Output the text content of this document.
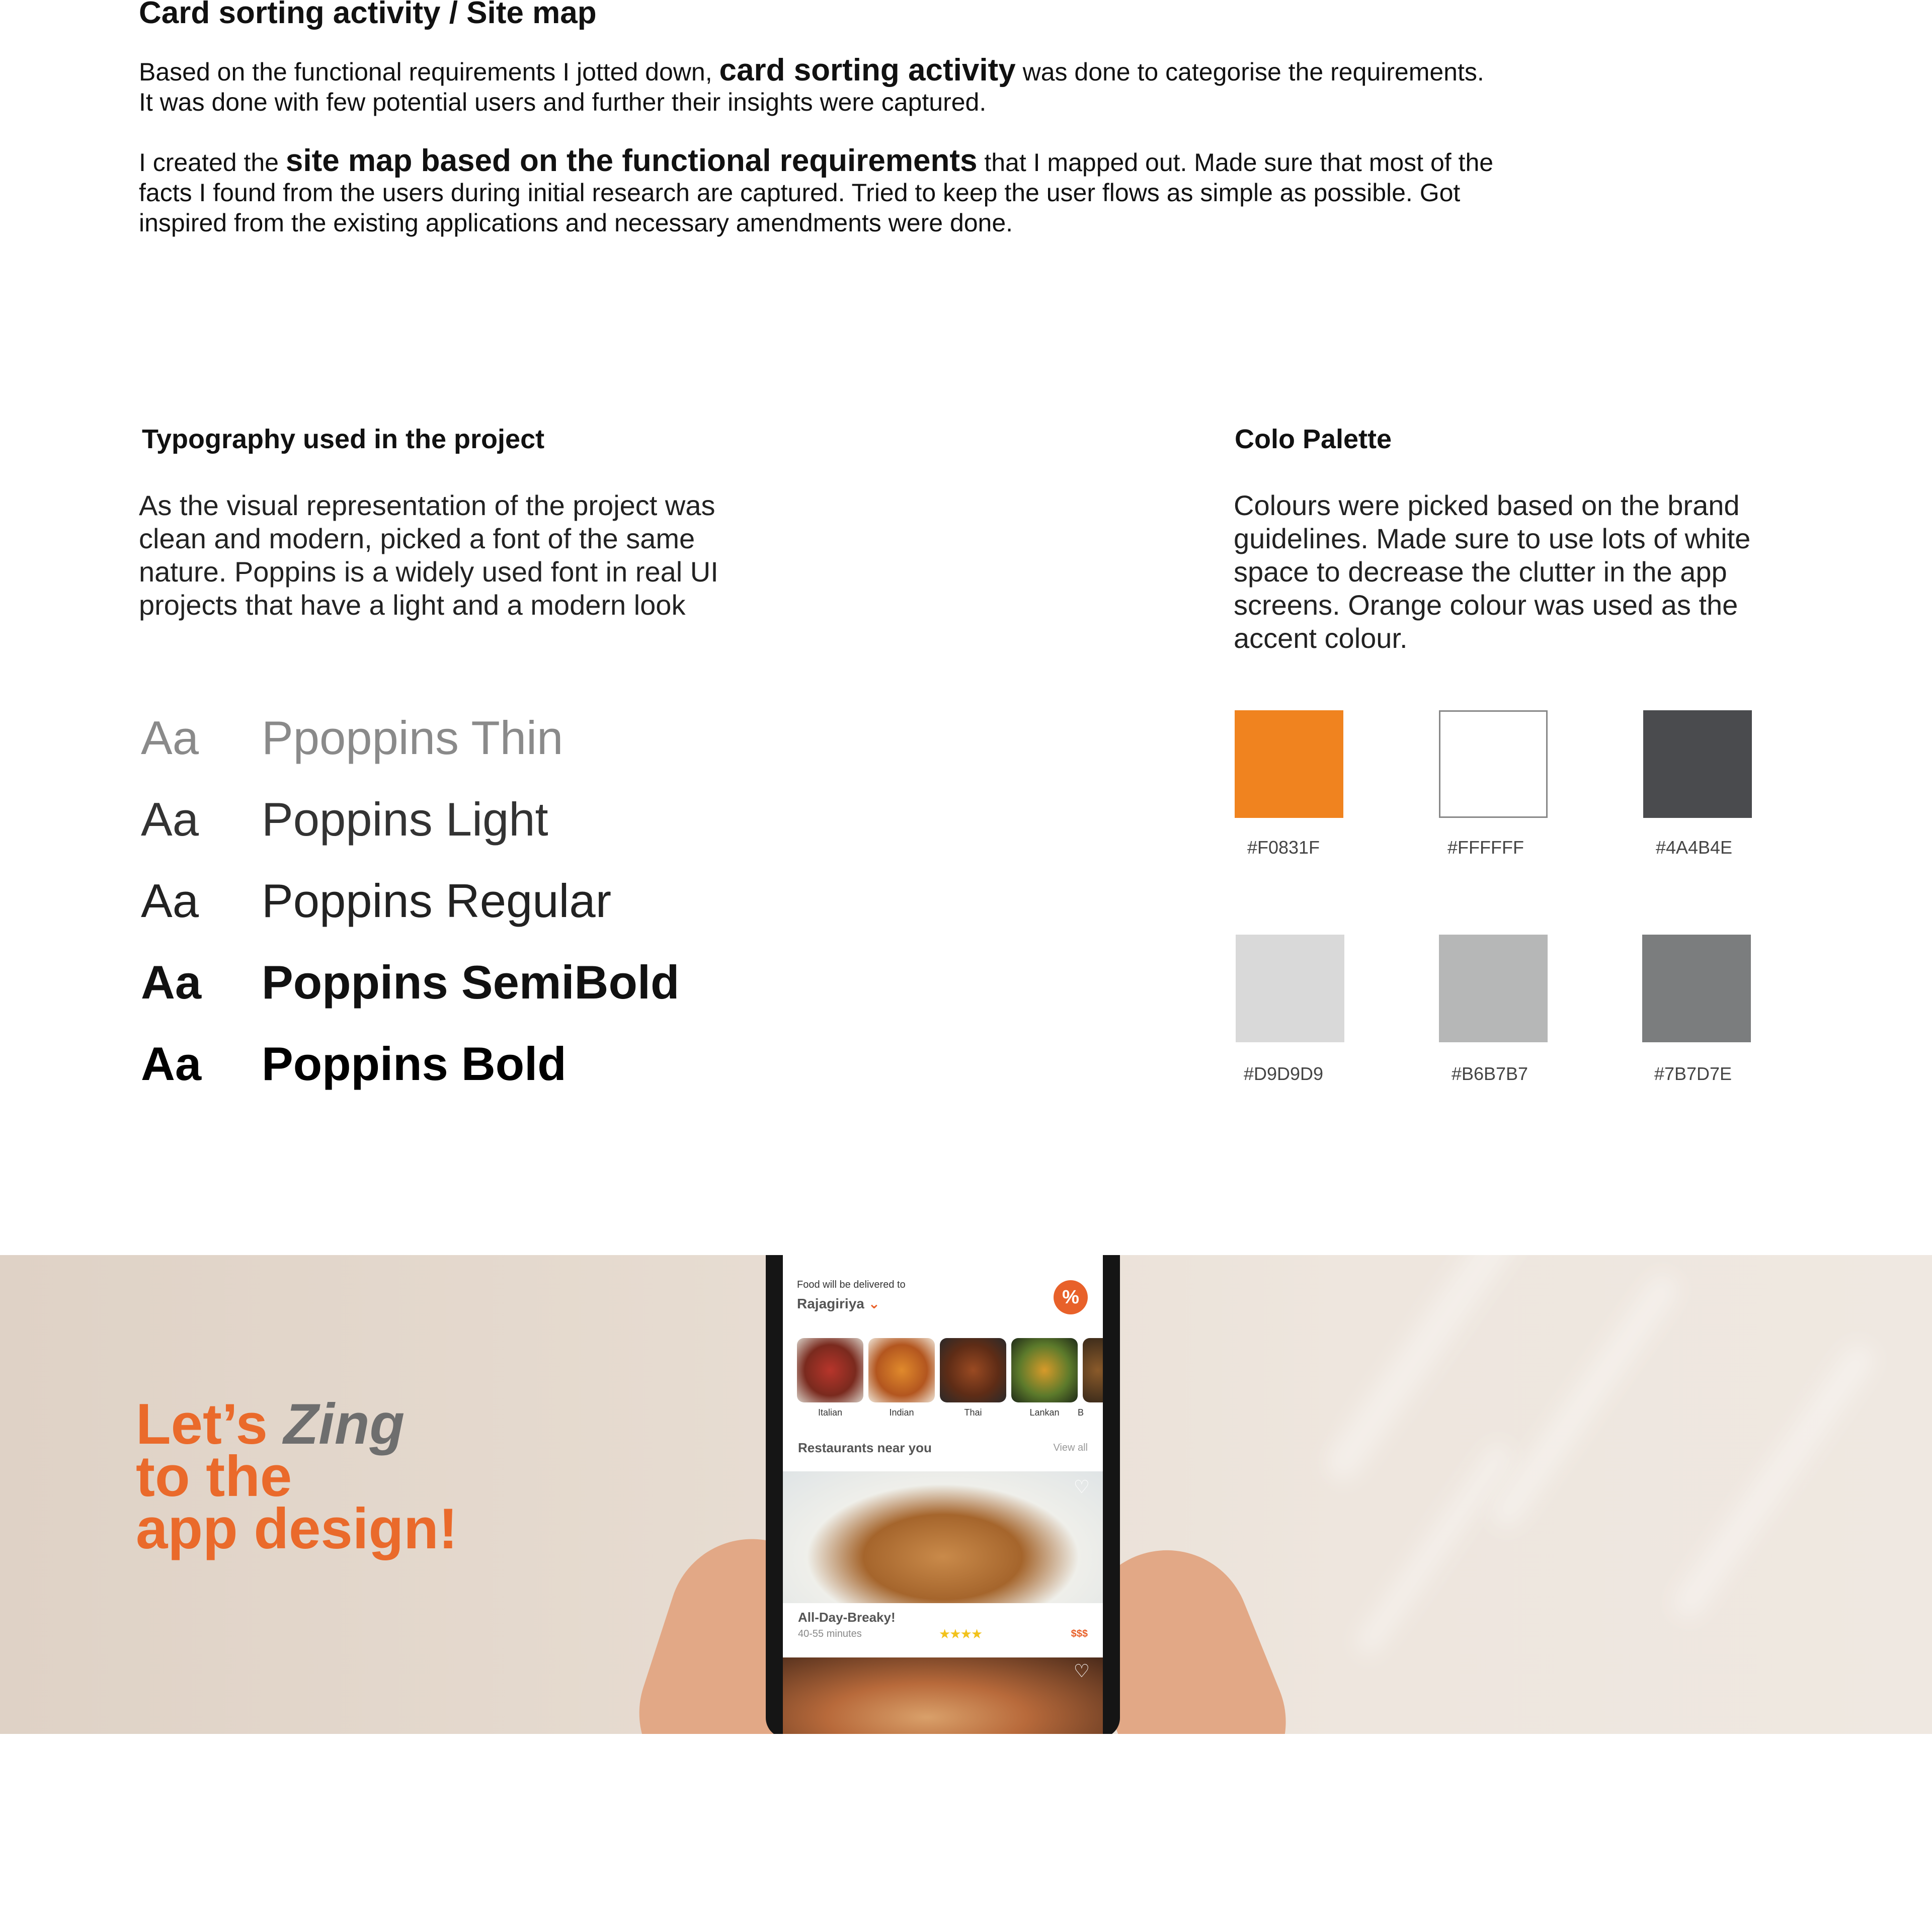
Card sorting activity / Site map

Based on the functional requirements I jotted down, card sorting activity was done to categorise the requirements. It was done with few potential users and further their insights were captured.

I created the site map based on the functional requirements that I mapped out. Made sure that most of the facts I found from the users during initial research are captured. Tried to keep the user flows as simple as possible. Got inspired from the existing applications and necessary amendments were done.

Typography used in the project

As the visual representation of the project was clean and modern, picked a font of the same nature. Poppins is a widely used font in real UI projects that have a light and a modern look

Aa	Ppoppins Thin
Aa	Poppins Light
Aa	Poppins Regular
Aa	Poppins SemiBold
Aa	Poppins Bold
Colo Palette

Colours were picked based on the brand guidelines. Made sure to use lots of white space to decrease the clutter in the app screens. Orange colour was used as the accent colour.

#F0831F	#FFFFFF	#4A4B4E
#D9D9D9	#B6B7B7	#7B7D7E
Let’s Zing
to the
app design!
Food will be delivered to
Rajagiriya ⌄	%
Italian	Indian	Thai	Lankan	B
Restaurants near you	View all
♡
All-Day-Breaky!
40-55 minutes	★★★★	$$$
♡
